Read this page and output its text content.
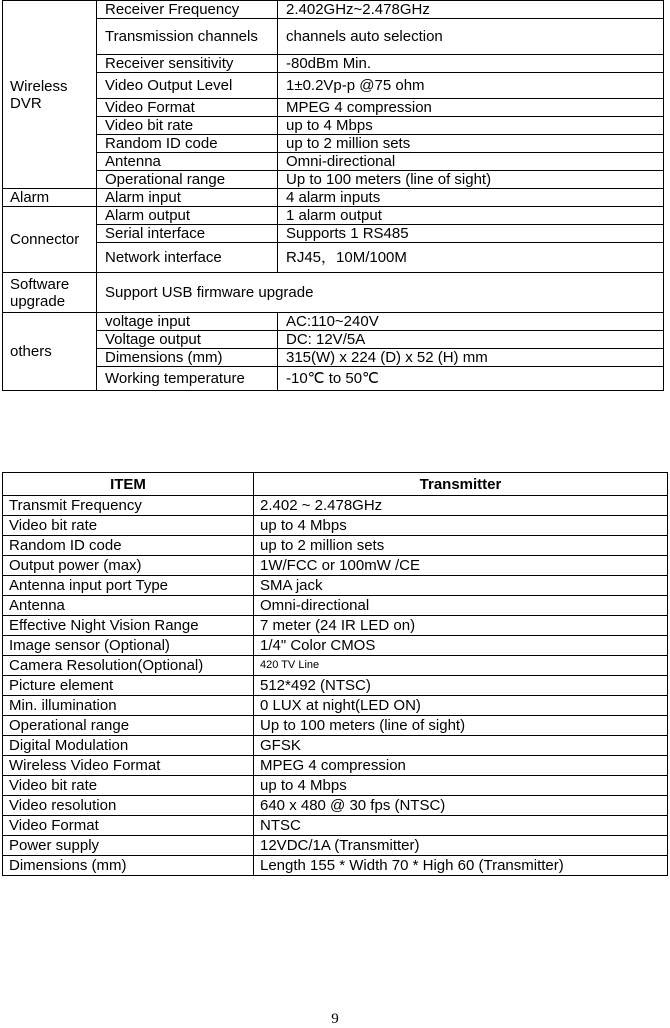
Wireless DVR	Receiver Frequency	2.402GHz~2.478GHz
	Transmission channels	channels auto selection
	Receiver sensitivity	-80dBm Min.
	Video Output Level	1±0.2Vp-p @75 ohm
	Video Format	MPEG 4 compression
	Video bit rate	up to 4 Mbps
	Random ID code	up to 2 million sets
	Antenna	Omni-directional
	Operational range	Up to 100 meters (line of sight)
Alarm	Alarm input	4 alarm inputs
Connector	Alarm output	1 alarm output
	Serial interface	Supports 1 RS485
	Network interface	RJ45，10M/100M
Software upgrade	Support USB firmware upgrade	
others	voltage input	AC:110~240V
	Voltage output	DC: 12V/5A
	Dimensions (mm)	315(W) x 224 (D) x 52 (H) mm
	Working temperature	-10℃ to 50℃
ITEM	Transmitter
Transmit Frequency	2.402 ~ 2.478GHz
Video bit rate	up to 4 Mbps
Random ID code	up to 2 million sets
Output power (max)	1W/FCC or 100mW /CE
Antenna input port Type	SMA jack
Antenna	Omni-directional
Effective Night Vision Range	7 meter (24 IR LED on)
Image sensor (Optional)	1/4" Color CMOS
Camera Resolution(Optional)	420 TV Line
Picture element	512*492 (NTSC)
Min. illumination	0 LUX at night(LED ON)
Operational range	Up to 100 meters (line of sight)
Digital Modulation	GFSK
Wireless Video Format	MPEG 4 compression
Video bit rate	up to 4 Mbps
Video resolution	640 x 480 @ 30 fps (NTSC)
Video Format	NTSC
Power supply	12VDC/1A (Transmitter)
Dimensions (mm)	Length 155 * Width 70 * High 60 (Transmitter)
9
